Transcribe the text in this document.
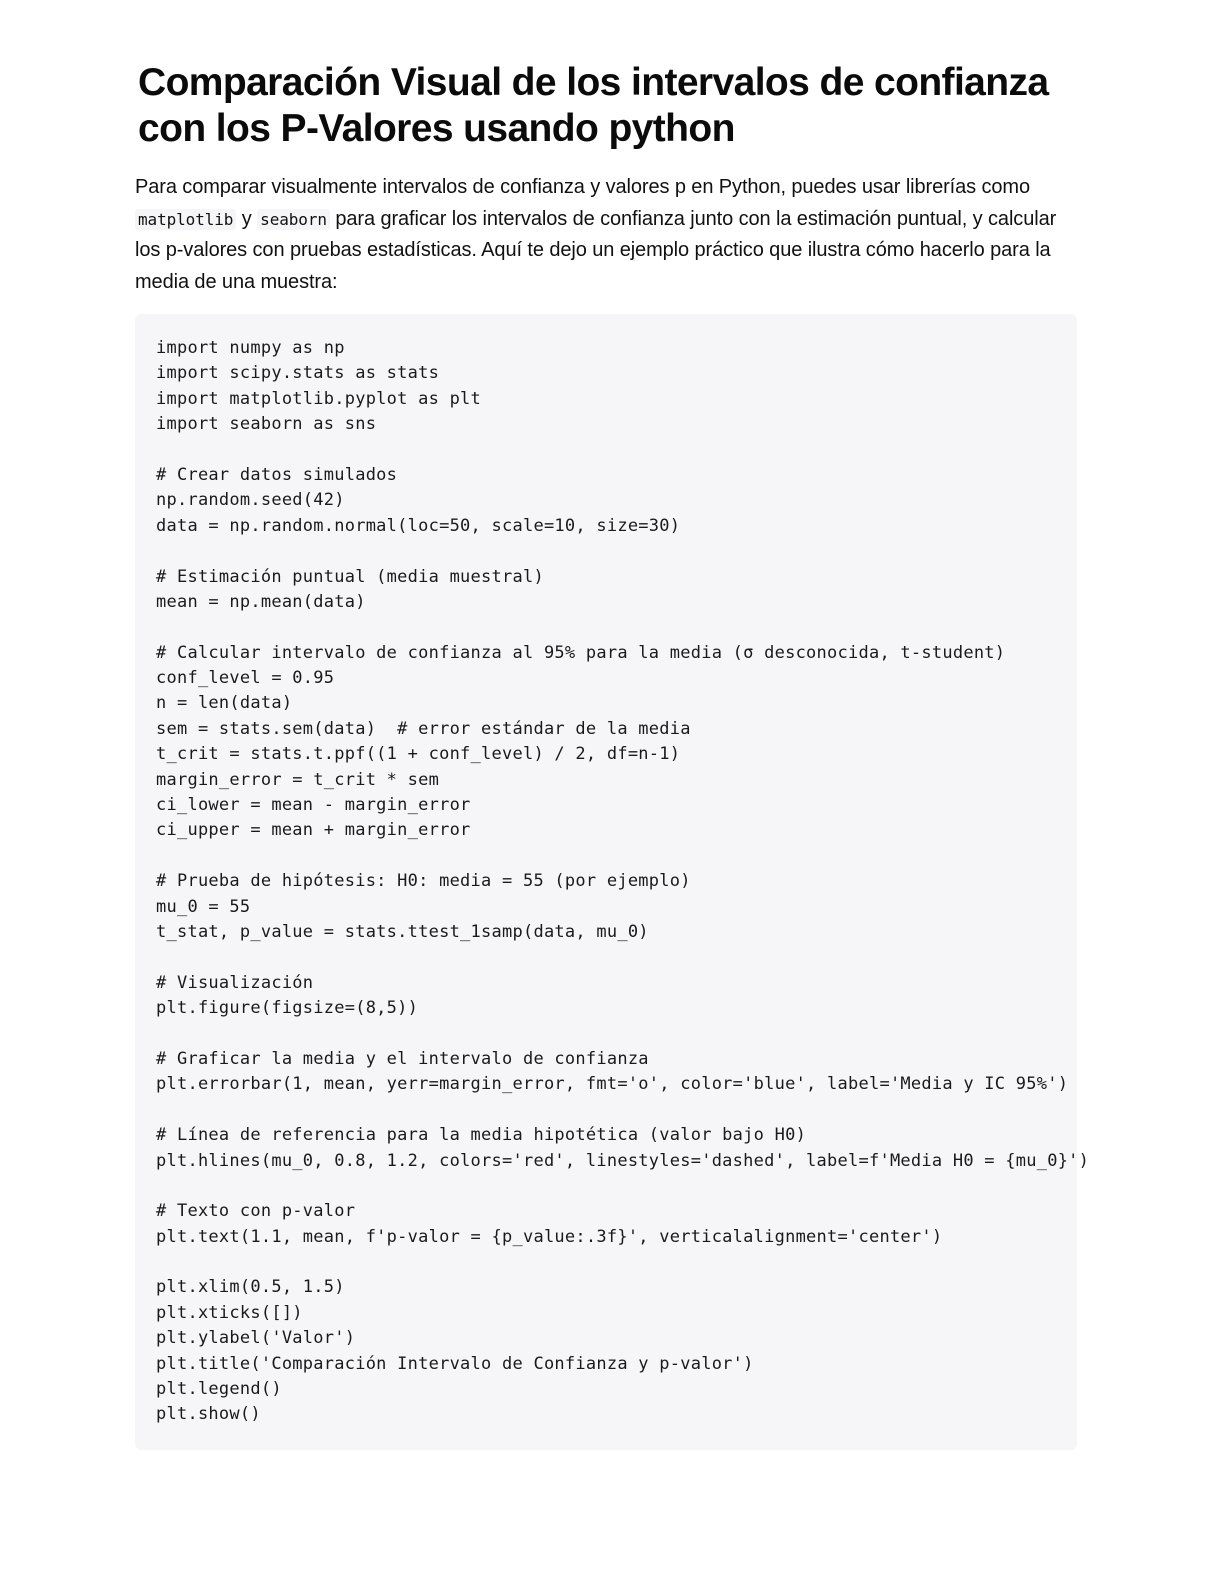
Comparación Visual de los intervalos de confianza con los P-Valores usando python

Para comparar visualmente intervalos de confianza y valores p en Python, puedes usar librerías como matplotlib y seaborn para graficar los intervalos de confianza junto con la estimación puntual, y calcular los p-valores con pruebas estadísticas. Aquí te dejo un ejemplo práctico que ilustra cómo hacerlo para la media de una muestra:

import numpy as np
import scipy.stats as stats
import matplotlib.pyplot as plt
import seaborn as sns
# Crear datos simulados
np.random.seed(42)
data = np.random.normal(loc=50, scale=10, size=30)
# Estimación puntual (media muestral)
mean = np.mean(data)
# Calcular intervalo de confianza al 95% para la media (σ desconocida, t-student)
conf_level = 0.95
n = len(data)
sem = stats.sem(data)  # error estándar de la media
t_crit = stats.t.ppf((1 + conf_level) / 2, df=n-1)
margin_error = t_crit * sem
ci_lower = mean - margin_error
ci_upper = mean + margin_error
# Prueba de hipótesis: H0: media = 55 (por ejemplo)
mu_0 = 55
t_stat, p_value = stats.ttest_1samp(data, mu_0)
# Visualización
plt.figure(figsize=(8,5))
# Graficar la media y el intervalo de confianza
plt.errorbar(1, mean, yerr=margin_error, fmt='o', color='blue', label='Media y IC 95%')
# Línea de referencia para la media hipotética (valor bajo H0)
plt.hlines(mu_0, 0.8, 1.2, colors='red', linestyles='dashed', label=f'Media H0 = {mu_0}')
# Texto con p-valor
plt.text(1.1, mean, f'p-valor = {p_value:.3f}', verticalalignment='center')
plt.xlim(0.5, 1.5)
plt.xticks([])
plt.ylabel('Valor')
plt.title('Comparación Intervalo de Confianza y p-valor')
plt.legend()
plt.show()
